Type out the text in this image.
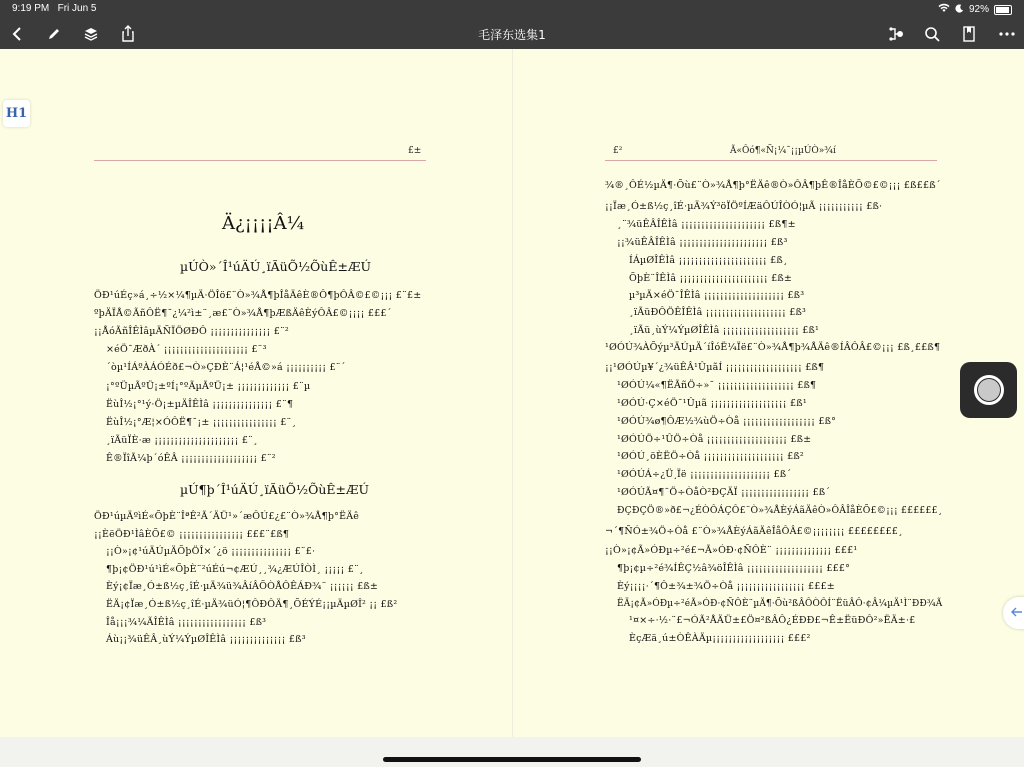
9:19 PM Fri Jun 5	92%
毛泽东选集1
£±
Ä¿¡¡¡¡Â¼
µÚÒ»´Î¹úÄÚ¸ïÃüÕ½ÕùÊ±ÆÚ
ÖÐ¹úÉç»á¸÷½×¼¶µÄ·ÖÎö£¨Ò»¾Å¶þÎåÄêÈ®Ô¶þÔÂ©£©¡¡¡ £¨£±
ºþÄÏÅ©ÃñÔË¶¯¿¼²ì±¨¸æ£¨Ò»¾Å¶þÆßÄêÈýÔÂ£©¡¡¡¡ £££´
¡¡ÅóÃñÎÊÌâµÄÑÏÖØÐÔ ¡¡¡¡¡¡¡¡¡¡¡¡¡¡¡ £¨²
×éÖ¯ÆðÀ´ ¡¡¡¡¡¡¡¡¡¡¡¡¡¡¡¡¡¡¡¡¡ £¨³
´òµ¹ÍÁºÀÁÓÉð£¬Ò»ÇÐÈ¨Á¦¹éÅ©»á ¡¡¡¡¡¡¡¡¡¡ £¨´
¡°ºÜµÃºÜ¡±ºÍ¡°ºÃµÃºÜ¡± ¡¡¡¡¡¡¡¡¡¡¡¡¡ £¨µ
ËùÎ½¡°¹ý·Ö¡±µÄÎÊÌâ ¡¡¡¡¡¡¡¡¡¡¡¡¡¡¡ £¨¶
ËùÎ½¡°Æ¦×ÓÔË¶¯¡± ¡¡¡¡¡¡¡¡¡¡¡¡¡¡¡¡ £¨¸
¸ïÃüÏÈ·æ ¡¡¡¡¡¡¡¡¡¡¡¡¡¡¡¡¡¡¡¡¡ £¨¸
Ê®ÏîÃ¼þ´óÊÂ ¡¡¡¡¡¡¡¡¡¡¡¡¡¡¡¡¡¡¡ £¨²
µÚ¶þ´Î¹úÄÚ¸ïÃüÕ½ÕùÊ±ÆÚ
ÖÐ¹úµÄºìÉ«ÕþÈ¨ÎªÊ²Ã´ÄÜ¹»´æÔÚ£¿£¨Ò»¾Å¶þ°ËÄê
¡¡ÈëÖÐ¹ÌâÈÕ£© ¡¡¡¡¡¡¡¡¡¡¡¡¡¡¡¡ £££¨£ß¶
¡¡Ò»¡¢¹úÄÚµÄÕþÖÎ×´¿ö ¡¡¡¡¡¡¡¡¡¡¡¡¡¡¡ £¨£·
¶þ¡¢ÖÐ¹ú¹ìÉ«ÕþÈ¨²úÉú¬¢ÆÚ¸¸¾¿ÆÚÎÒÌ¸ ¡¡¡¡¡ £¨¸
Èý¡¢Ïæ¸Ó±ß½ç¸îÉ·µÄ¾ü¾ÂíÂÕÒÅÔÊÁÐ¾¨ ¡¡¡¡¡¡ £ß±
ËÄ¡¢Ïæ¸Ó±ß½ç¸îÉ·µÄ¾üÓ¦¶ÔÐÔÄ¶¸ÕÉÝÉ¡¡µÄµØÎ² ¡¡ £ß²
Îå¡¡¡¾¼ÃÎÊÌâ ¡¡¡¡¡¡¡¡¡¡¡¡¡¡¡¡¡ £ß³
Áù¡¡¾üÊÂ¸ùÝ¼ÝµØÎÊÌâ ¡¡¡¡¡¡¡¡¡¡¡¡¡¡ £ß³
£²	Ã«Ôó¶«Ñ¡¼¯¡¡µÚÒ»¾í
¾®¸ÔÉ½µÄ¶·Õù£¨Ò»¾Å¶þ°ËÄê®Ò»ÔÂ¶þÊ®ÎåÈÕ©£©¡¡¡ £ß££ß´
¡¡Ïæ¸Ó±ß½ç¸îÉ·µÄ¾Ý³öÏÖºÍÆäÔÚÎÒÓ¦µÃ ¡¡¡¡¡¡¡¡¡¡¡ £ß·
¸¨¾üÊÂÎÊÌâ ¡¡¡¡¡¡¡¡¡¡¡¡¡¡¡¡¡¡¡¡¡ £ß¶±
¡¡¾üÊÂÎÊÌâ ¡¡¡¡¡¡¡¡¡¡¡¡¡¡¡¡¡¡¡¡¡¡ £ß³
ÍÁµØÎÊÌâ ¡¡¡¡¡¡¡¡¡¡¡¡¡¡¡¡¡¡¡¡¡¡ £ß¸
ÕþÈ¨ÎÊÌâ ¡¡¡¡¡¡¡¡¡¡¡¡¡¡¡¡¡¡¡¡¡¡ £ß±
µ³µÄ×éÖ¯ÎÊÌâ ¡¡¡¡¡¡¡¡¡¡¡¡¡¡¡¡¡¡¡¡ £ß³
¸ïÃüÐÔÖÊÎÊÌâ ¡¡¡¡¡¡¡¡¡¡¡¡¡¡¡¡¡¡¡¡ £ß³
¸ïÃü¸ùÝ¼ÝµØÎÊÌâ ¡¡¡¡¡¡¡¡¡¡¡¡¡¡¡¡¡¡¡ £ß¹
¹ØÓÚ¾ÀÕýµ³ÄÚµÄ´íÎóË¼Ïë£¨Ò»¾Å¶þ¾ÅÄê®ÍÂÔÂ£©¡¡¡ £ß¸££ß¶
¡¡¹ØÓÚµ¥´¿¾üÊÂ¹ÛµãÍ ¡¡¡¡¡¡¡¡¡¡¡¡¡¡¡¡¡¡¡ £ß¶
¹ØÓÚ¼«¶ËÃñÖ÷»¯ ¡¡¡¡¡¡¡¡¡¡¡¡¡¡¡¡¡¡¡ £ß¶
¹ØÓÚ·Ç×éÖ¯¹Ûµã ¡¡¡¡¡¡¡¡¡¡¡¡¡¡¡¡¡¡¡ £ß¹
¹ØÓÚ¾ø¶ÔÆ½¾ùÖ÷Òå ¡¡¡¡¡¡¡¡¡¡¡¡¡¡¡¡¡¡ £ß°
¹ØÓÚÖ÷¹ÛÖ÷Òå ¡¡¡¡¡¡¡¡¡¡¡¡¡¡¡¡¡¡¡¡ £ß±
¹ØÓÚ¸öÈËÖ÷Òå ¡¡¡¡¡¡¡¡¡¡¡¡¡¡¡¡¡¡¡¡ £ß²
¹ØÓÚÁ÷¿Ü˼Ïë ¡¡¡¡¡¡¡¡¡¡¡¡¡¡¡¡¡¡¡¡ £ß´
¹ØÓÚÃ¤¶¯Ö÷ÒåÒ²ÐÇÄÏ ¡¡¡¡¡¡¡¡¡¡¡¡¡¡¡¡¡ £ß´
ÐÇÐÇÖ®»ð£¬¿ÉÒÔÁÇÔ£¨Ò»¾ÅÈýÁãÄêÒ»ÔÂÎåÈÕ£©¡¡¡ ££££££¸
¬´¶ÑÓ±¾Ö÷Òå £¨Ò»¾ÅÈýÁãÄêÎåÔÂ£©¡¡¡¡¡¡¡¡ ££££££££¸
¡¡Ò»¡¢Ã»ÓÐµ÷²é£¬Ã»ÓÐ·¢ÑÔÈ¨ ¡¡¡¡¡¡¡¡¡¡¡¡¡¡ £££¹
¶þ¡¢µ÷²é¾ÍÊÇ½â¾öÎÊÌâ ¡¡¡¡¡¡¡¡¡¡¡¡¡¡¡¡¡¡¡ £££°
Èý¡¡¡¡·´¶Ô±¾±¾Ö÷Òå ¡¡¡¡¡¡¡¡¡¡¡¡¡¡¡¡¡ £££±
ËÄ¡¢Ã»ÓÐµ÷²éÃ»ÓÐ·¢ÑÔÈ¨µÄ¶·Õù²ßÂÔÒÔÍ¨ËüÂÔ·¢Â¼µÄ¹Ì¨ÐÐ¾Ã
¹¤×÷·½·¨£¬ÓÃ²ÅÄÜ±£Ö¤²ßÂÔ¿ÉÐÐ£¬Ê±ËüÐÔ²»ËÄ±·£
ÈçÆä¸ú±ÒÊÀÄµ¡¡¡¡¡¡¡¡¡¡¡¡¡¡¡¡¡¡ £££²
H1
